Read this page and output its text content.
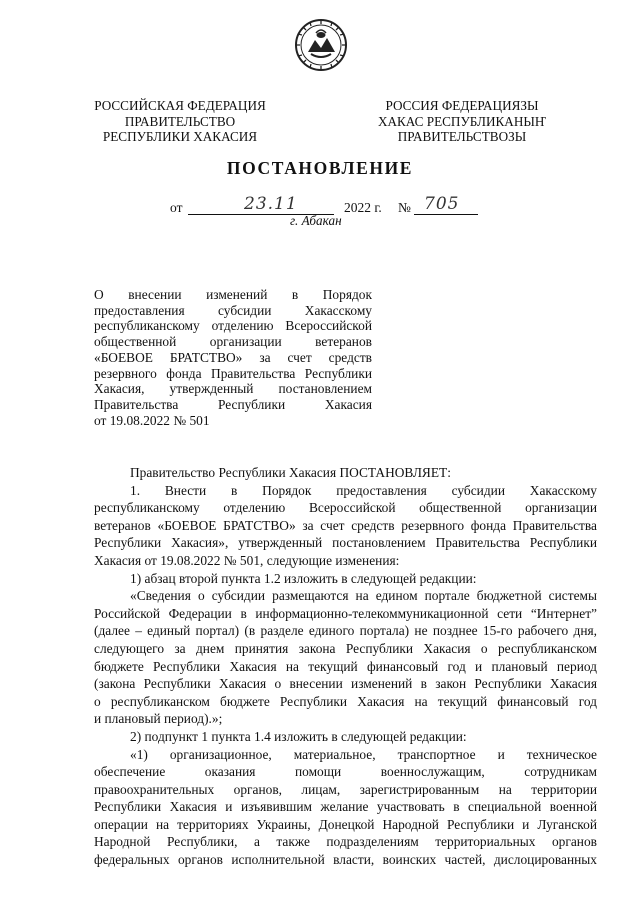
РОССИЙСКАЯ ФЕДЕРАЦИЯ
ПРАВИТЕЛЬСТВО
РЕСПУБЛИКИ ХАКАСИЯ
РОССИЯ ФЕДЕРАЦИЯЗЫ
ХАКАС РЕСПУБЛИКАНЫҤ
ПРАВИТЕЛЬСТВОЗЫ
ПОСТАНОВЛЕНИЕ
от	23.11	2022 г. № 705
г. Абакан
О внесении изменений в Порядок
предоставления субсидии Хакасскому
республиканскому отделению Всероссийской
общественной организации ветеранов
«БОЕВОЕ БРАТСТВО» за счет средств
резервного фонда Правительства Республики
Хакасия, утвержденный постановлением
Правительства Республики Хакасия
от 19.08.2022 № 501
Правительство Республики Хакасия ПОСТАНОВЛЯЕТ:
1. Внести в Порядок предоставления субсидии Хакасскому
республиканскому отделению Всероссийской общественной организации
ветеранов «БОЕВОЕ БРАТСТВО» за счет средств резервного фонда Правительства
Республики Хакасия», утвержденный постановлением Правительства Республики
Хакасия от 19.08.2022 № 501, следующие изменения:
1) абзац второй пункта 1.2 изложить в следующей редакции:
«Сведения о субсидии размещаются на едином портале бюджетной системы
Российской Федерации в информационно-телекоммуникационной сети “Интернет”
(далее – единый портал) (в разделе единого портала) не позднее 15-го рабочего дня,
следующего за днем принятия закона Республики Хакасия о республиканском
бюджете Республики Хакасия на текущий финансовый год и плановый период
(закона Республики Хакасия о внесении изменений в закон Республики Хакасия
о республиканском бюджете Республики Хакасия на текущий финансовый год
и плановый период).»;
2) подпункт 1 пункта 1.4 изложить в следующей редакции:
«1) организационное, материальное, транспортное и техническое
обеспечение оказания помощи военнослужащим, сотрудникам
правоохранительных органов, лицам, зарегистрированным на территории
Республики Хакасия и изъявившим желание участвовать в специальной военной
операции на территориях Украины, Донецкой Народной Республики и Луганской
Народной Республики, а также подразделениям территориальных органов
федеральных органов исполнительной власти, воинских частей, дислоцированных
